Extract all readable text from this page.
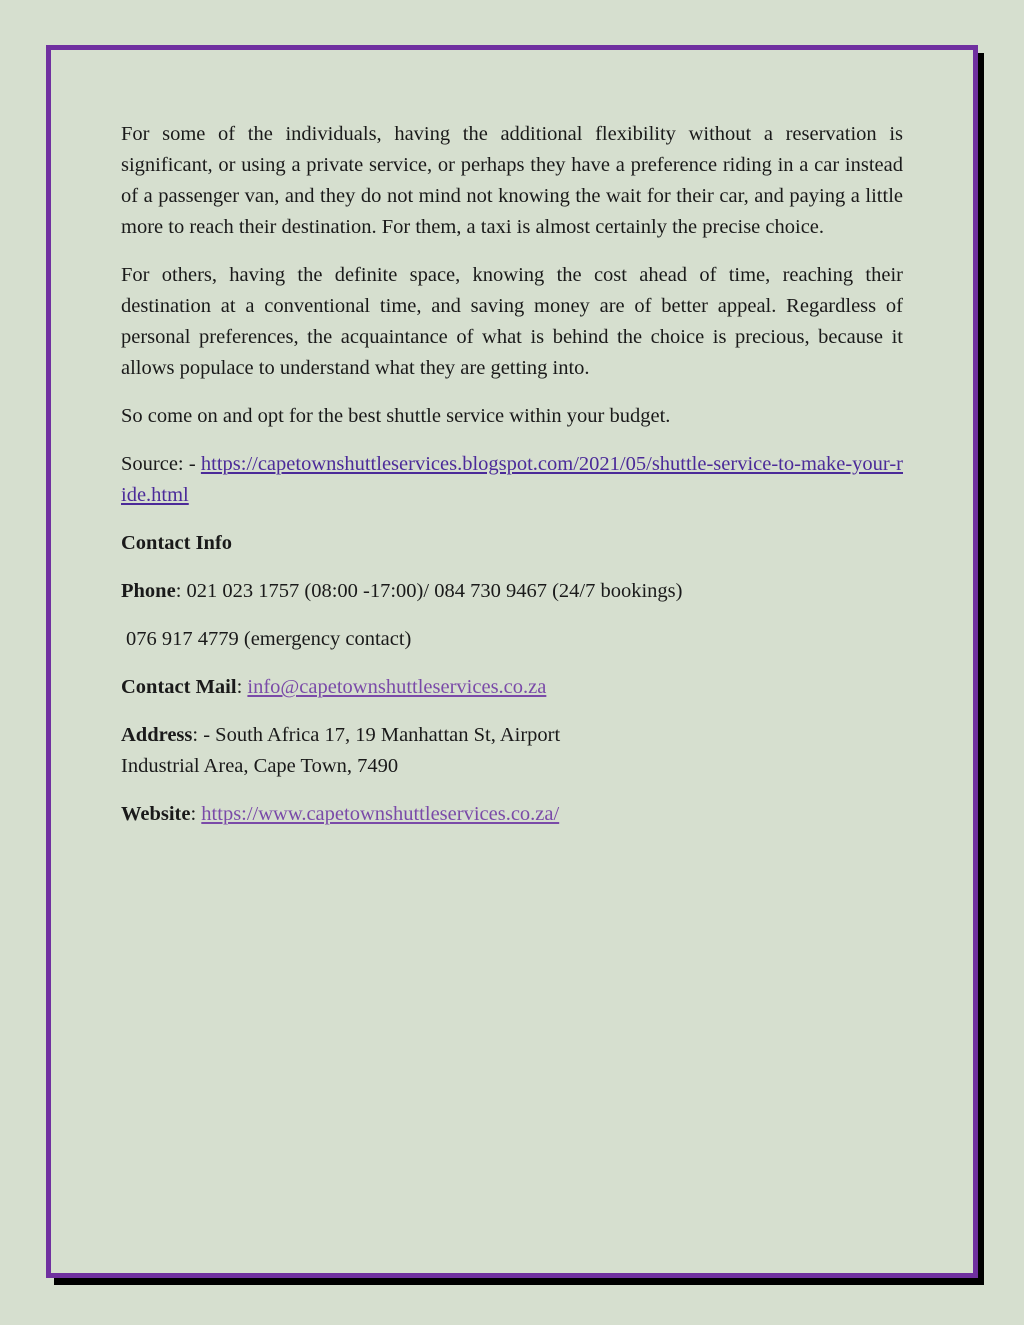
For some of the individuals, having the additional flexibility without a reservation is significant, or using a private service, or perhaps they have a preference riding in a car instead of a passenger van, and they do not mind not knowing the wait for their car, and paying a little more to reach their destination. For them, a taxi is almost certainly the precise choice.

For others, having the definite space, knowing the cost ahead of time, reaching their destination at a conventional time, and saving money are of better appeal. Regardless of personal preferences, the acquaintance of what is behind the choice is precious, because it allows populace to understand what they are getting into.

So come on and opt for the best shuttle service within your budget.

Source: - https://capetownshuttleservices.blogspot.com/2021/05/shuttle-service-to-make-your-ride.html

Contact Info

Phone: 021 023 1757 (08:00 -17:00)/ 084 730 9467 (24/7 bookings)

076 917 4779 (emergency contact)

Contact Mail: info@capetownshuttleservices.co.za

Address: - South Africa 17, 19 Manhattan St, Airport
Industrial Area, Cape Town, 7490

Website: https://www.capetownshuttleservices.co.za/
